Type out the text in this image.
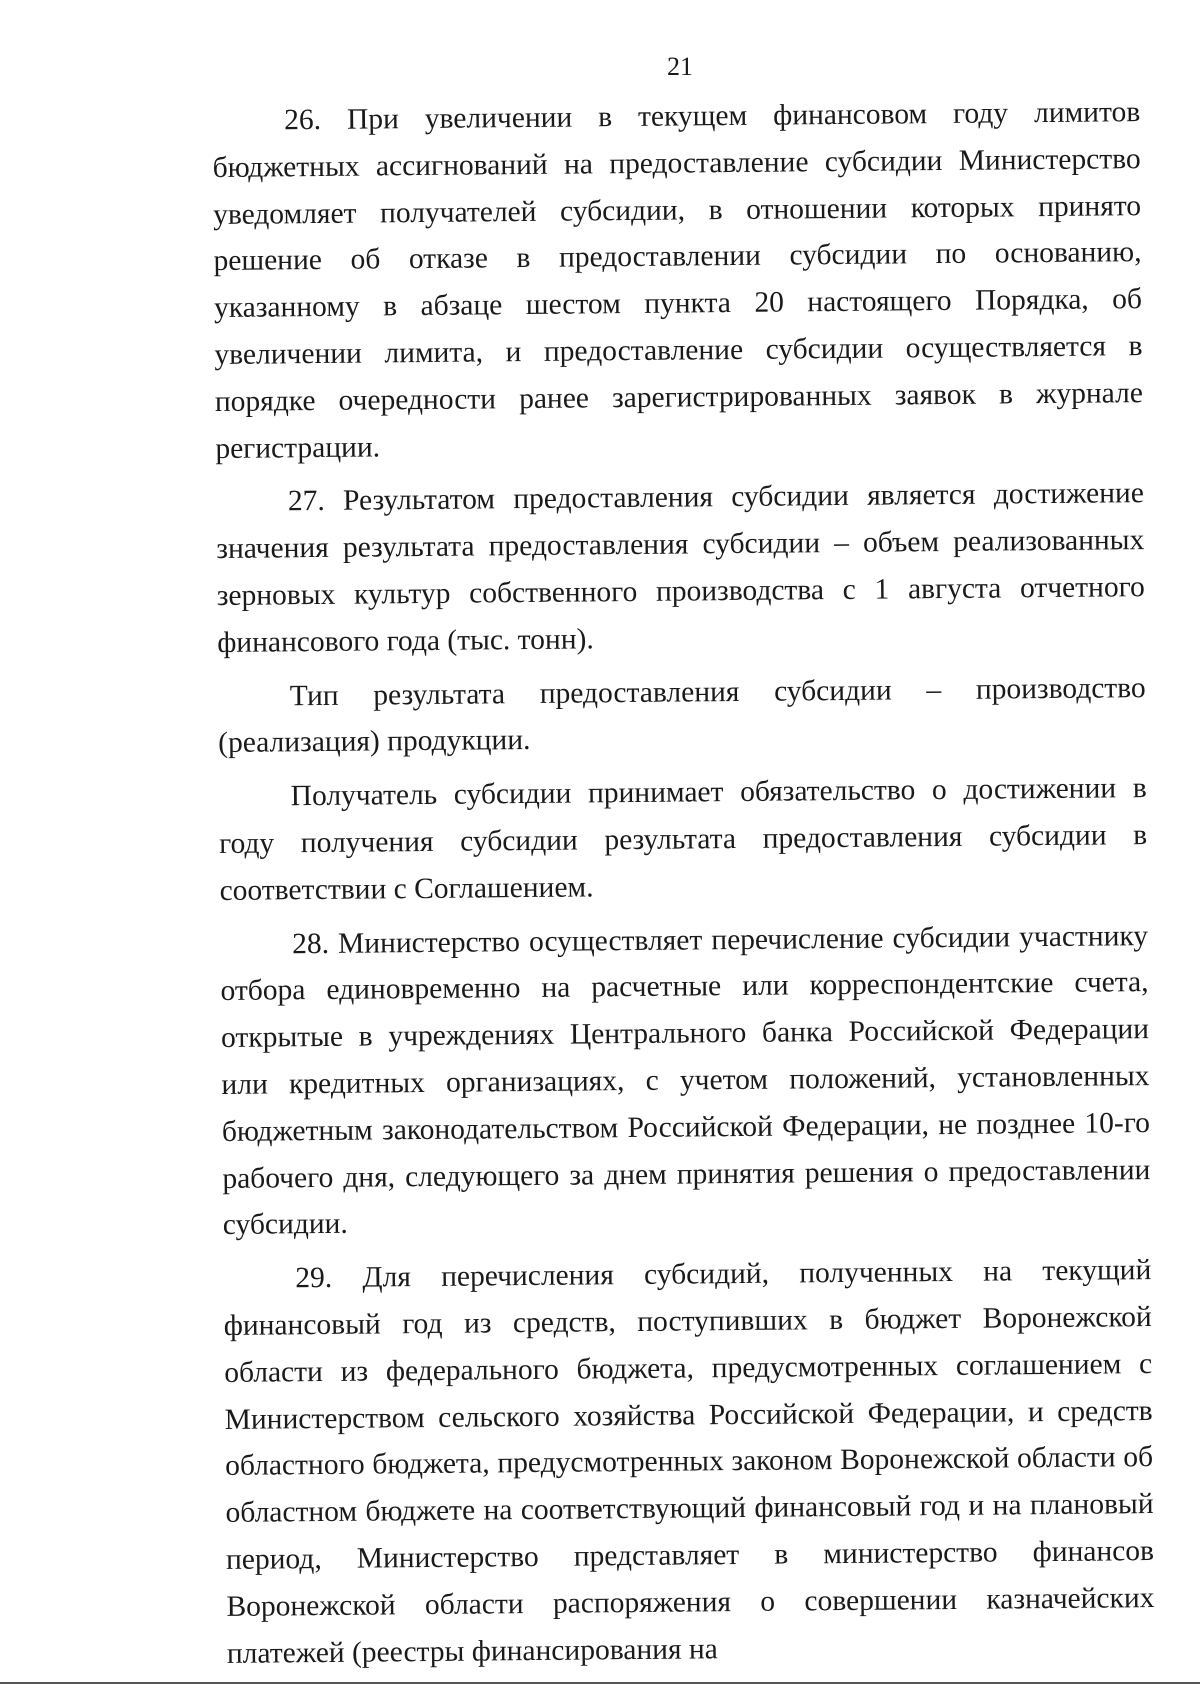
21

26. При увеличении в текущем финансовом году лимитов бюджетных ассигнований на предоставление субсидии Министерство уведомляет получателей субсидии, в отношении которых принято решение об отказе в предоставлении субсидии по основанию, указанному в абзаце шестом пункта 20 настоящего Порядка, об увеличении лимита, и предоставление субсидии осуществляется в порядке очередности ранее зарегистрированных заявок в журнале регистрации.

27. Результатом предоставления субсидии является достижение значения результата предоставления субсидии – объем реализованных зерновых культур собственного производства с 1 августа отчетного финансового года (тыс. тонн).

Тип результата предоставления субсидии – производство (реализация) продукции.

Получатель субсидии принимает обязательство о достижении в году получения субсидии результата предоставления субсидии в соответствии с Соглашением.

28. Министерство осуществляет перечисление субсидии участнику отбора единовременно на расчетные или корреспондентские счета, открытые в учреждениях Центрального банка Российской Федерации или кредитных организациях, с учетом положений, установленных бюджетным законодательством Российской Федерации, не позднее 10-го рабочего дня, следующего за днем принятия решения о предоставлении субсидии.

29. Для перечисления субсидий, полученных на текущий финансовый год из средств, поступивших в бюджет Воронежской области из федерального бюджета, предусмотренных соглашением с Министерством сельского хозяйства Российской Федерации, и средств областного бюджета, предусмотренных законом Воронежской области об областном бюджете на соответствующий финансовый год и на плановый период, Министерство представляет в министерство финансов Воронежской области распоряжения о совершении казначейских платежей (реестры финансирования на
